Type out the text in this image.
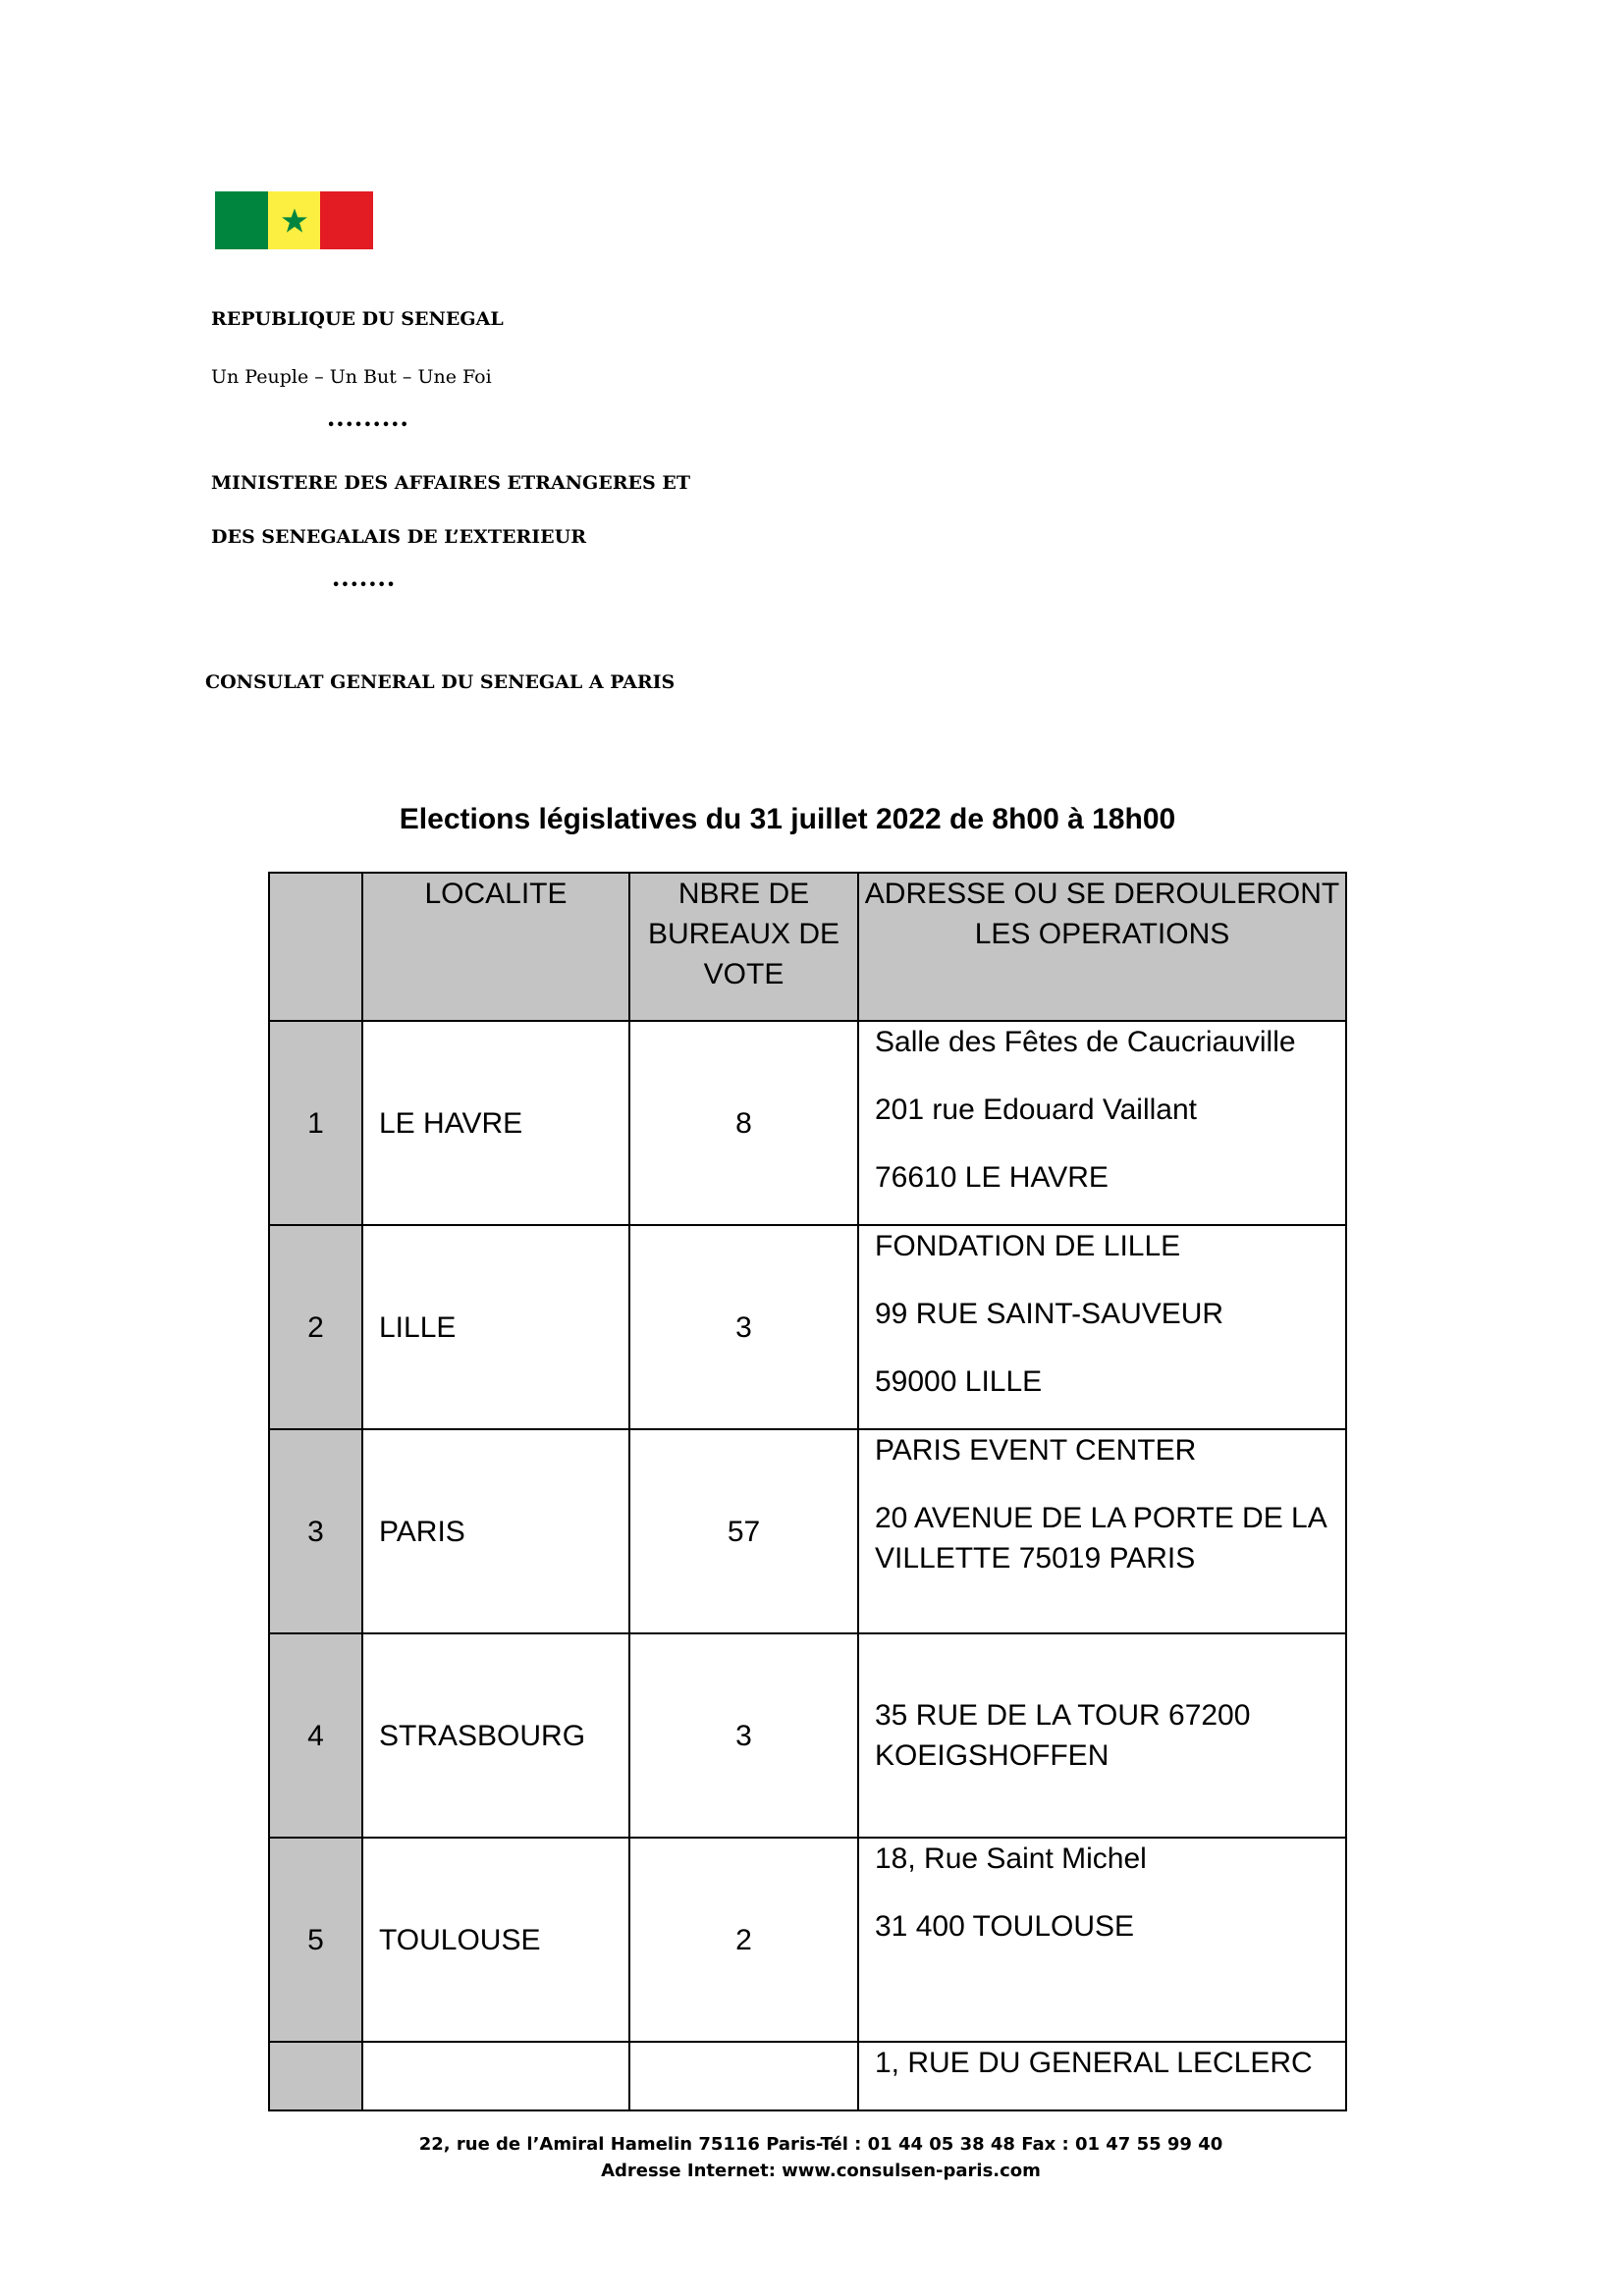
REPUBLIQUE DU SENEGAL
Un Peuple – Un But – Une Foi
•••••••••
MINISTERE DES AFFAIRES ETRANGERES ET
DES SENEGALAIS DE L’EXTERIEUR
•••••••
CONSULAT GENERAL DU SENEGAL A PARIS
Elections législatives du 31 juillet 2022 de 8h00 à 18h00
	LOCALITE	NBRE DE BUREAUX DE VOTE	ADRESSE OU SE DEROULERONT LES OPERATIONS
1	LE HAVRE	8	Salle des Fêtes de Caucriauville
201 rue Edouard Vaillant
76610 LE HAVRE

2	LILLE	3	FONDATION DE LILLE
99 RUE SAINT-SAUVEUR
59000 LILLE

3	PARIS	57	PARIS EVENT CENTER
20 AVENUE DE LA PORTE DE LA VILLETTE 75019 PARIS

4	STRASBOURG	3	35 RUE DE LA TOUR 67200 KOEIGSHOFFEN

5	TOULOUSE	2	18, Rue Saint Michel
31 400 TOULOUSE

			1, RUE DU GENERAL LECLERC
22, rue de l’Amiral Hamelin 75116 Paris-Tél : 01 44 05 38 48 Fax : 01 47 55 99 40
Adresse Internet: www.consulsen-paris.com
